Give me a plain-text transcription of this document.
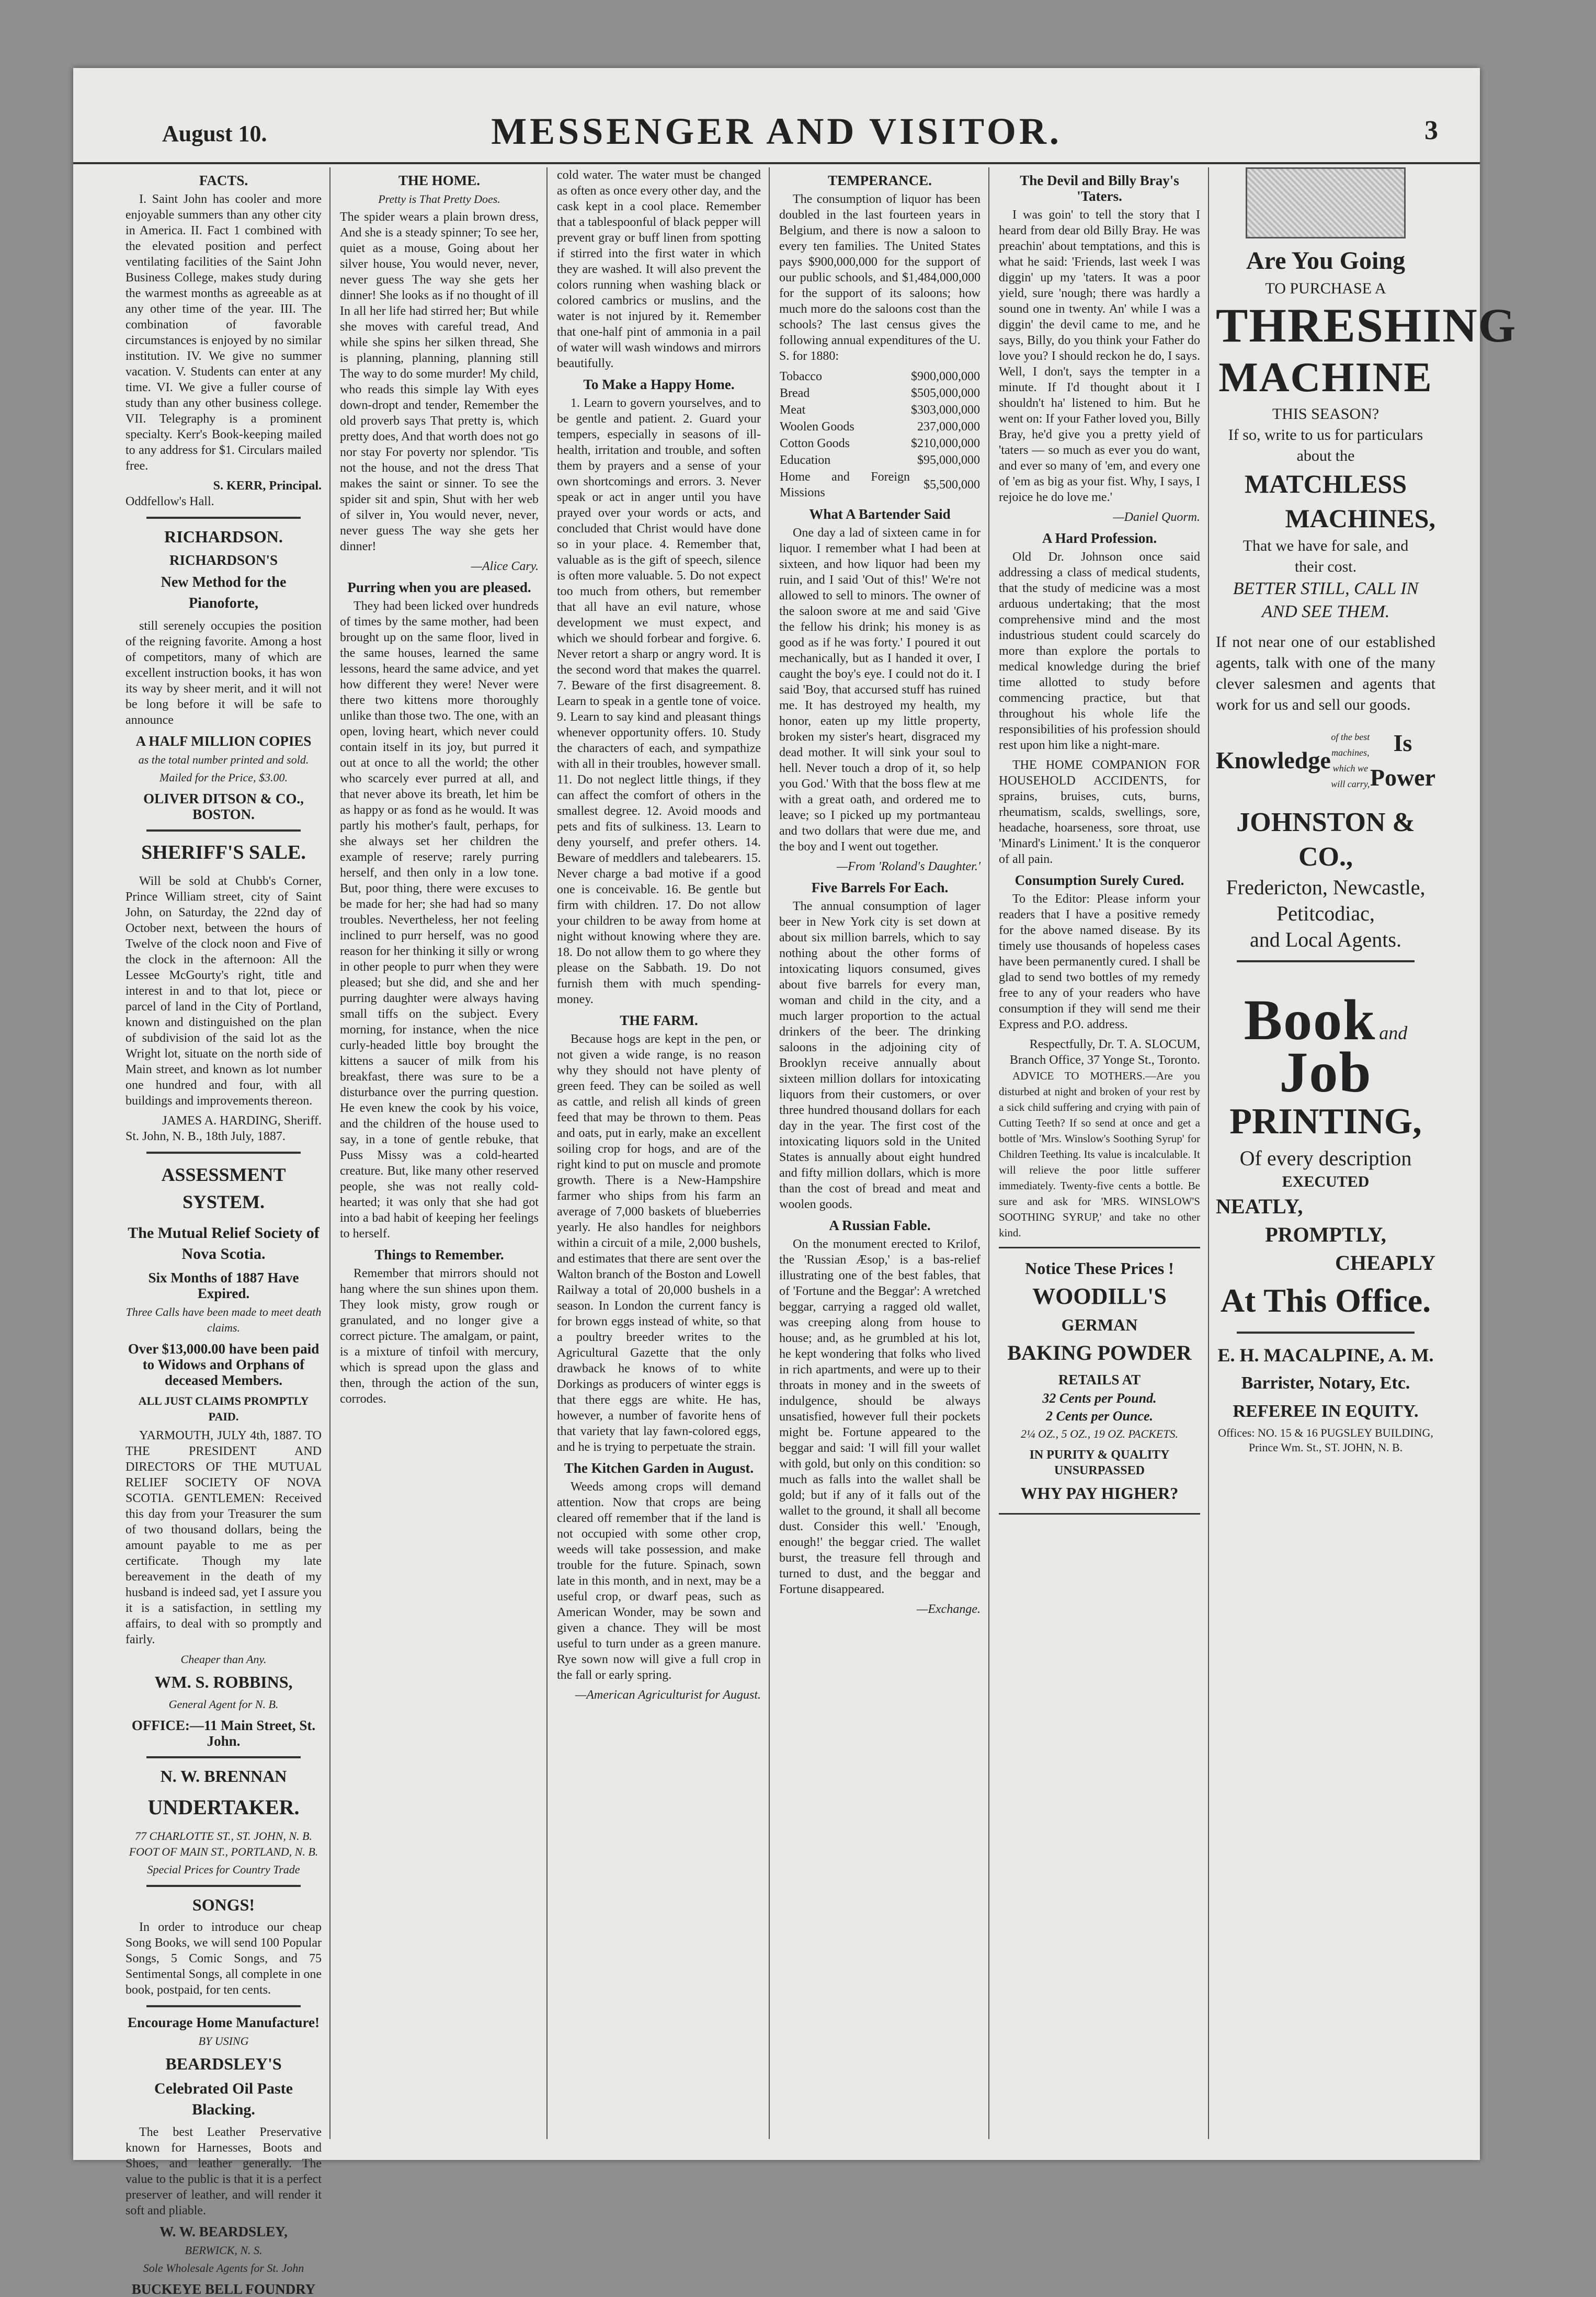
August 10.	MESSENGER AND VISITOR.	3
FACTS.

I. Saint John has cooler and more enjoyable summers than any other city in America. II. Fact 1 combined with the elevated position and perfect ventilating facilities of the Saint John Business College, makes study during the warmest months as agreeable as at any other time of the year. III. The combination of favorable circumstances is enjoyed by no similar institution. IV. We give no summer vacation. V. Students can enter at any time. VI. We give a fuller course of study than any other business college. VII. Telegraphy is a prominent specialty. Kerr's Book-keeping mailed to any address for $1. Circulars mailed free.

S. KERR, Principal.
Oddfellow's Hall.
RICHARDSON.
RICHARDSON'S
New Method for the Pianoforte,

still serenely occupies the position of the reigning favorite. Among a host of competitors, many of which are excellent instruction books, it has won its way by sheer merit, and it will not be long before it will be safe to announce

A HALF MILLION COPIES
as the total number printed and sold.
Mailed for the Price, $3.00.
OLIVER DITSON & CO., BOSTON.
SHERIFF'S SALE.

Will be sold at Chubb's Corner, Prince William street, city of Saint John, on Saturday, the 22nd day of October next, between the hours of Twelve of the clock noon and Five of the clock in the afternoon: All the Lessee McGourty's right, title and interest in and to that lot, piece or parcel of land in the City of Portland, known and distinguished on the plan of subdivision of the said lot as the Wright lot, situate on the north side of Main street, and known as lot number one hundred and four, with all buildings and improvements thereon.

JAMES A. HARDING, Sheriff.
St. John, N. B., 18th July, 1887.
ASSESSMENT SYSTEM.
The Mutual Relief Society of Nova Scotia.
Six Months of 1887 Have Expired.
Three Calls have been made to meet death claims.
Over $13,000.00 have been paid to Widows and Orphans of deceased Members.
ALL JUST CLAIMS PROMPTLY PAID.

YARMOUTH, JULY 4th, 1887. TO THE PRESIDENT AND DIRECTORS OF THE MUTUAL RELIEF SOCIETY OF NOVA SCOTIA. GENTLEMEN: Received this day from your Treasurer the sum of two thousand dollars, being the amount payable to me as per certificate. Though my late bereavement in the death of my husband is indeed sad, yet I assure you it is a satisfaction, in settling my affairs, to deal with so promptly and fairly.

Cheaper than Any.
WM. S. ROBBINS,
General Agent for N. B.
OFFICE:—11 Main Street, St. John.
N. W. BRENNAN
UNDERTAKER.
77 CHARLOTTE ST., ST. JOHN, N. B. FOOT OF MAIN ST., PORTLAND, N. B.
Special Prices for Country Trade
SONGS!

In order to introduce our cheap Song Books, we will send 100 Popular Songs, 5 Comic Songs, and 75 Sentimental Songs, all complete in one book, postpaid, for ten cents.

Encourage Home Manufacture!
BY USING
BEARDSLEY'S
Celebrated Oil Paste Blacking.

The best Leather Preservative known for Harnesses, Boots and Shoes, and leather generally. The value to the public is that it is a perfect preserver of leather, and will render it soft and pliable.

W. W. BEARDSLEY,
BERWICK, N. S.
Sole Wholesale Agents for St. John
BUCKEYE BELL FOUNDRY
THE HOME.
Pretty is That Pretty Does.

The spider wears a plain brown dress, And she is a steady spinner; To see her, quiet as a mouse, Going about her silver house, You would never, never, never guess The way she gets her dinner! She looks as if no thought of ill In all her life had stirred her; But while she moves with careful tread, And while she spins her silken thread, She is planning, planning, planning still The way to do some murder! My child, who reads this simple lay With eyes down-dropt and tender, Remember the old proverb says That pretty is, which pretty does, And that worth does not go nor stay For poverty nor splendor. 'Tis not the house, and not the dress That makes the saint or sinner. To see the spider sit and spin, Shut with her web of silver in, You would never, never, never guess The way she gets her dinner!

—Alice Cary.
Purring when you are pleased.

They had been licked over hundreds of times by the same mother, had been brought up on the same floor, lived in the same houses, learned the same lessons, heard the same advice, and yet how different they were! Never were there two kittens more thoroughly unlike than those two. The one, with an open, loving heart, which never could contain itself in its joy, but purred it out at once to all the world; the other who scarcely ever purred at all, and that never above its breath, let him be as happy or as fond as he would. It was partly his mother's fault, perhaps, for she always set her children the example of reserve; rarely purring herself, and then only in a low tone. But, poor thing, there were excuses to be made for her; she had had so many troubles. Nevertheless, her not feeling inclined to purr herself, was no good reason for her thinking it silly or wrong in other people to purr when they were pleased; but she did, and she and her purring daughter were always having small tiffs on the subject. Every morning, for instance, when the nice curly-headed little boy brought the kittens a saucer of milk from his breakfast, there was sure to be a disturbance over the purring question. He even knew the cook by his voice, and the children of the house used to say, in a tone of gentle rebuke, that Puss Missy was a cold-hearted creature. But, like many other reserved people, she was not really cold-hearted; it was only that she had got into a bad habit of keeping her feelings to herself.

Things to Remember.

Remember that mirrors should not hang where the sun shines upon them. They look misty, grow rough or granulated, and no longer give a correct picture. The amalgam, or paint, is a mixture of tinfoil with mercury, which is spread upon the glass and then, through the action of the sun, corrodes.

cold water. The water must be changed as often as once every other day, and the cask kept in a cool place. Remember that a tablespoonful of black pepper will prevent gray or buff linen from spotting if stirred into the first water in which they are washed. It will also prevent the colors running when washing black or colored cambrics or muslins, and the water is not injured by it. Remember that one-half pint of ammonia in a pail of water will wash windows and mirrors beautifully.

To Make a Happy Home.

1. Learn to govern yourselves, and to be gentle and patient. 2. Guard your tempers, especially in seasons of ill-health, irritation and trouble, and soften them by prayers and a sense of your own shortcomings and errors. 3. Never speak or act in anger until you have prayed over your words or acts, and concluded that Christ would have done so in your place. 4. Remember that, valuable as is the gift of speech, silence is often more valuable. 5. Do not expect too much from others, but remember that all have an evil nature, whose development we must expect, and which we should forbear and forgive. 6. Never retort a sharp or angry word. It is the second word that makes the quarrel. 7. Beware of the first disagreement. 8. Learn to speak in a gentle tone of voice. 9. Learn to say kind and pleasant things whenever opportunity offers. 10. Study the characters of each, and sympathize with all in their troubles, however small. 11. Do not neglect little things, if they can affect the comfort of others in the smallest degree. 12. Avoid moods and pets and fits of sulkiness. 13. Learn to deny yourself, and prefer others. 14. Beware of meddlers and talebearers. 15. Never charge a bad motive if a good one is conceivable. 16. Be gentle but firm with children. 17. Do not allow your children to be away from home at night without knowing where they are. 18. Do not allow them to go where they please on the Sabbath. 19. Do not furnish them with much spending-money.

THE FARM.

Because hogs are kept in the pen, or not given a wide range, is no reason why they should not have plenty of green feed. They can be soiled as well as cattle, and relish all kinds of green feed that may be thrown to them. Peas and oats, put in early, make an excellent soiling crop for hogs, and are of the right kind to put on muscle and promote growth. There is a New-Hampshire farmer who ships from his farm an average of 7,000 baskets of blueberries yearly. He also handles for neighbors within a circuit of a mile, 2,000 bushels, and estimates that there are sent over the Walton branch of the Boston and Lowell Railway a total of 20,000 bushels in a season. In London the current fancy is for brown eggs instead of white, so that a poultry breeder writes to the Agricultural Gazette that the only drawback he knows of to white Dorkings as producers of winter eggs is that there eggs are white. He has, however, a number of favorite hens of that variety that lay fawn-colored eggs, and he is trying to perpetuate the strain.

The Kitchen Garden in August.

Weeds among crops will demand attention. Now that crops are being cleared off remember that if the land is not occupied with some other crop, weeds will take possession, and make trouble for the future. Spinach, sown late in this month, and in next, may be a useful crop, or dwarf peas, such as American Wonder, may be sown and given a chance. They will be most useful to turn under as a green manure. Rye sown now will give a full crop in the fall or early spring.

—American Agriculturist for August.
TEMPERANCE.

The consumption of liquor has been doubled in the last fourteen years in Belgium, and there is now a saloon to every ten families. The United States pays $900,000,000 for the support of our public schools, and $1,484,000,000 for the support of its saloons; how much more do the saloons cost than the schools? The last census gives the following annual expenditures of the U. S. for 1880:

Tobacco	$900,000,000
Bread	$505,000,000
Meat	$303,000,000
Woolen Goods	237,000,000
Cotton Goods	$210,000,000
Education	$95,000,000
Home and Foreign Missions	$5,500,000
What A Bartender Said

One day a lad of sixteen came in for liquor. I remember what I had been at sixteen, and how liquor had been my ruin, and I said 'Out of this!' We're not allowed to sell to minors. The owner of the saloon swore at me and said 'Give the fellow his drink; his money is as good as if he was forty.' I poured it out mechanically, but as I handed it over, I caught the boy's eye. I could not do it. I said 'Boy, that accursed stuff has ruined me. It has destroyed my health, my honor, eaten up my little property, broken my sister's heart, disgraced my dead mother. It will sink your soul to hell. Never touch a drop of it, so help you God.' With that the boss flew at me with a great oath, and ordered me to leave; so I picked up my portmanteau and two dollars that were due me, and the boy and I went out together.

—From 'Roland's Daughter.'
Five Barrels For Each.

The annual consumption of lager beer in New York city is set down at about six million barrels, which to say nothing about the other forms of intoxicating liquors consumed, gives about five barrels for every man, woman and child in the city, and a much larger proportion to the actual drinkers of the beer. The drinking saloons in the adjoining city of Brooklyn receive annually about sixteen million dollars for intoxicating liquors from their customers, or over three hundred thousand dollars for each day in the year. The first cost of the intoxicating liquors sold in the United States is annually about eight hundred and fifty million dollars, which is more than the cost of bread and meat and woolen goods.

A Russian Fable.

On the monument erected to Krilof, the 'Russian Æsop,' is a bas-relief illustrating one of the best fables, that of 'Fortune and the Beggar': A wretched beggar, carrying a ragged old wallet, was creeping along from house to house; and, as he grumbled at his lot, he kept wondering that folks who lived in rich apartments, and were up to their throats in money and in the sweets of indulgence, should be always unsatisfied, however full their pockets might be. Fortune appeared to the beggar and said: 'I will fill your wallet with gold, but only on this condition: so much as falls into the wallet shall be gold; but if any of it falls out of the wallet to the ground, it shall all become dust. Consider this well.' 'Enough, enough!' the beggar cried. The wallet burst, the treasure fell through and turned to dust, and the beggar and Fortune disappeared.

—Exchange.
The Devil and Billy Bray's 'Taters.

I was goin' to tell the story that I heard from dear old Billy Bray. He was preachin' about temptations, and this is what he said: 'Friends, last week I was diggin' up my 'taters. It was a poor yield, sure 'nough; there was hardly a sound one in twenty. An' while I was a diggin' the devil came to me, and he says, Billy, do you think your Father do love you? I should reckon he do, I says. Well, I don't, says the tempter in a minute. If I'd thought about it I shouldn't ha' listened to him. But he went on: If your Father loved you, Billy Bray, he'd give you a pretty yield of 'taters — so much as ever you do want, and ever so many of 'em, and every one of 'em as big as your fist. Why, I says, I rejoice he do love me.'

—Daniel Quorm.
A Hard Profession.

Old Dr. Johnson once said addressing a class of medical students, that the study of medicine was a most arduous undertaking; that the most comprehensive mind and the most industrious student could scarcely do more than explore the portals to medical knowledge during the brief time allotted to study before commencing practice, but that throughout his whole life the responsibilities of his profession should rest upon him like a night-mare.

THE HOME COMPANION FOR HOUSEHOLD ACCIDENTS, for sprains, bruises, cuts, burns, rheumatism, scalds, swellings, sore, headache, hoarseness, sore throat, use 'Minard's Liniment.' It is the conqueror of all pain.

Consumption Surely Cured.

To the Editor: Please inform your readers that I have a positive remedy for the above named disease. By its timely use thousands of hopeless cases have been permanently cured. I shall be glad to send two bottles of my remedy free to any of your readers who have consumption if they will send me their Express and P.O. address.

Respectfully, Dr. T. A. SLOCUM, Branch Office, 37 Yonge St., Toronto.

ADVICE TO MOTHERS.—Are you disturbed at night and broken of your rest by a sick child suffering and crying with pain of Cutting Teeth? If so send at once and get a bottle of 'Mrs. Winslow's Soothing Syrup' for Children Teething. Its value is incalculable. It will relieve the poor little sufferer immediately. Twenty-five cents a bottle. Be sure and ask for 'MRS. WINSLOW'S SOOTHING SYRUP,' and take no other kind.

Notice These Prices !
WOODILL'S
GERMAN
BAKING POWDER
RETAILS AT
32 Cents per Pound.
2 Cents per Ounce.
2¼ OZ., 5 OZ., 19 OZ. PACKETS.
IN PURITY & QUALITY UNSURPASSED
WHY PAY HIGHER?
Are You Going
TO PURCHASE A
THRESHING
MACHINE
THIS SEASON?
If so, write to us for particulars
about the
MATCHLESS
MACHINES,
That we have for sale, and
their cost.
BETTER STILL, CALL IN
AND SEE THEM.
If not near one of our established agents, talk with one of the many clever salesmen and agents that work for us and sell our goods.
Knowledge
of the best machines, which we will carry,
Is Power
JOHNSTON & CO.,
Fredericton, Newcastle,
Petitcodiac,
and Local Agents.
Book and Job
PRINTING,
Of every description
EXECUTED
NEATLY,
PROMPTLY,
CHEAPLY
At This Office.
E. H. MACALPINE, A. M.
Barrister, Notary, Etc.
REFEREE IN EQUITY.
Offices: NO. 15 & 16 PUGSLEY BUILDING, Prince Wm. St., ST. JOHN, N. B.
